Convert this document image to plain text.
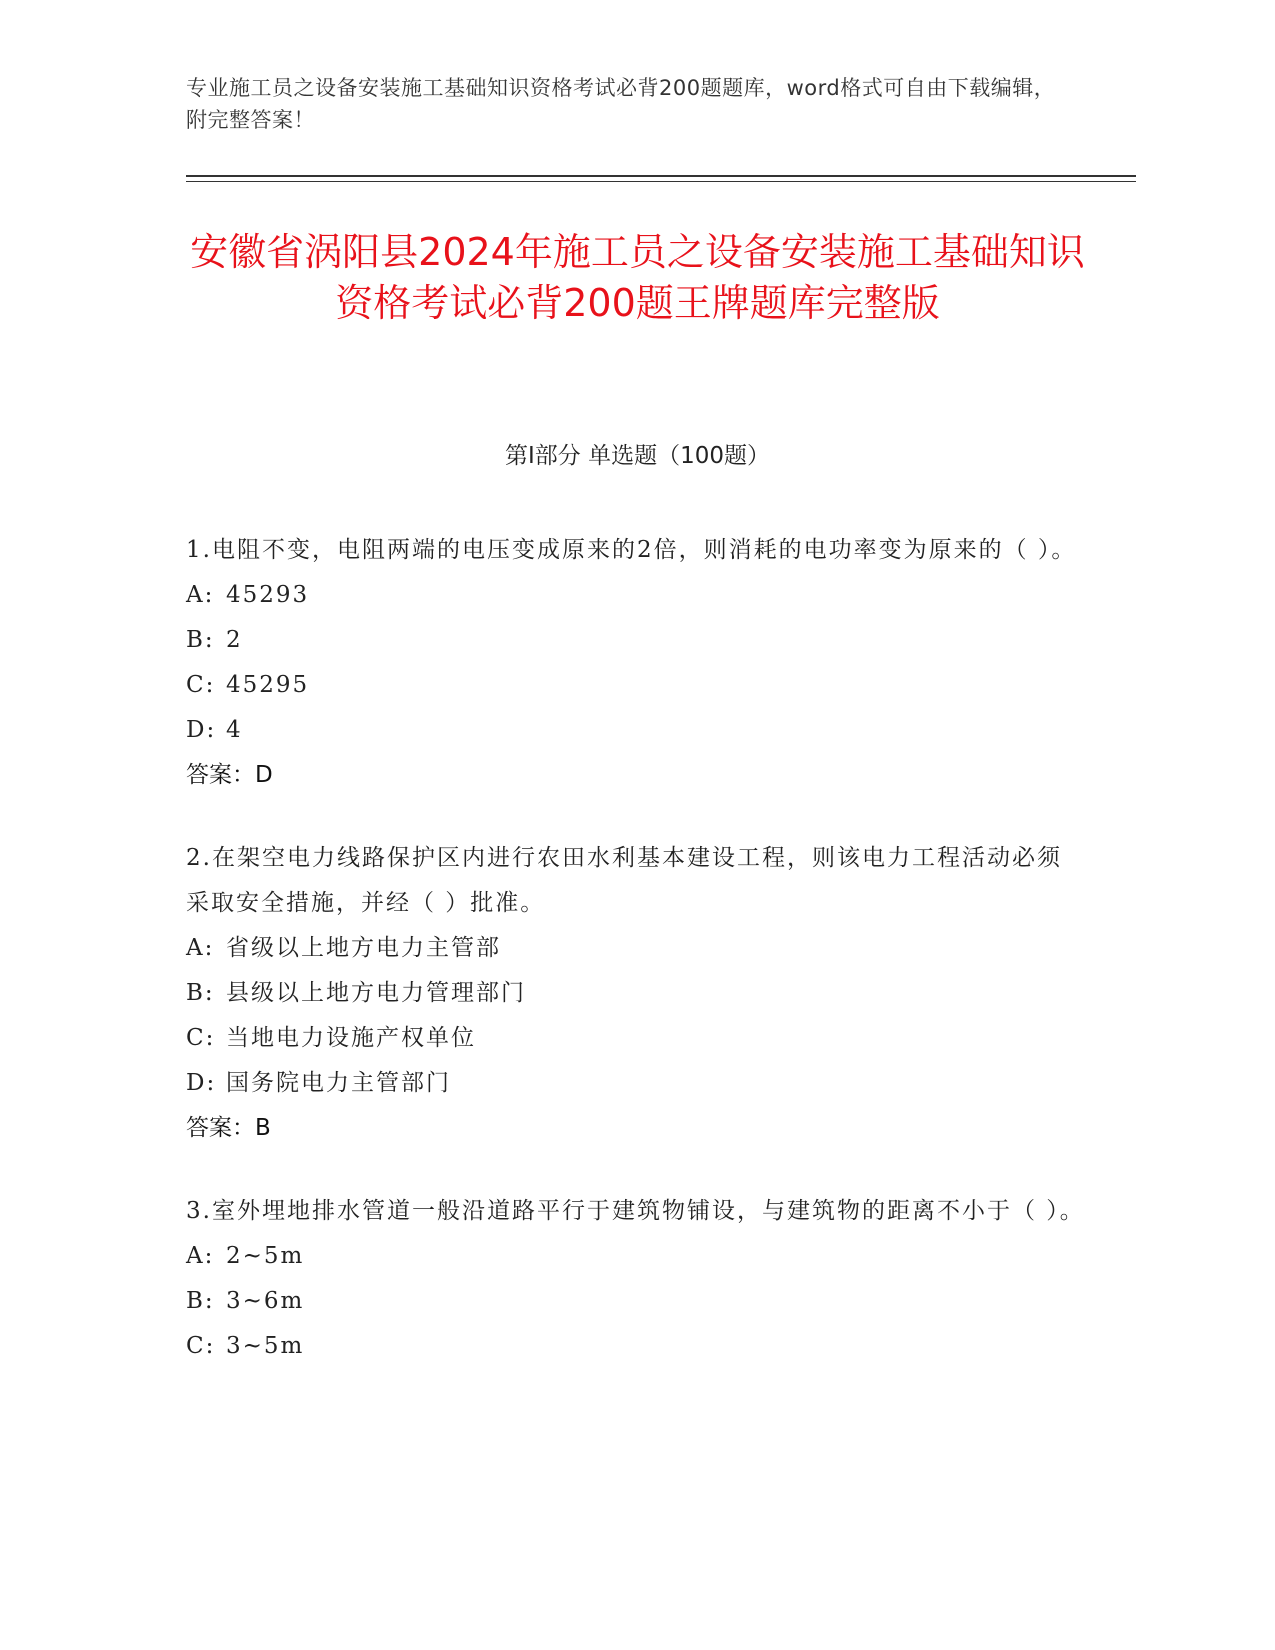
专业施工员之设备安装施工基础知识资格考试必背200题题库，word格式可自由下载编辑，附完整答案！
安徽省涡阳县2024年施工员之设备安装施工基础知识资格考试必背200题王牌题库完整版
第I部分 单选题（100题）

1.电阻不变，电阻两端的电压变成原来的2倍，则消耗的电功率变为原来的（ ）。

A: 45293

B: 2

C: 45295

D: 4

答案：D

2.在架空电力线路保护区内进行农田水利基本建设工程，则该电力工程活动必须采取安全措施，并经（ ）批准。

A: 省级以上地方电力主管部

B: 县级以上地方电力管理部门

C: 当地电力设施产权单位

D: 国务院电力主管部门

答案：B

3.室外埋地排水管道一般沿道路平行于建筑物铺设，与建筑物的距离不小于（ ）。

A: 2~5m

B: 3~6m

C: 3~5m
